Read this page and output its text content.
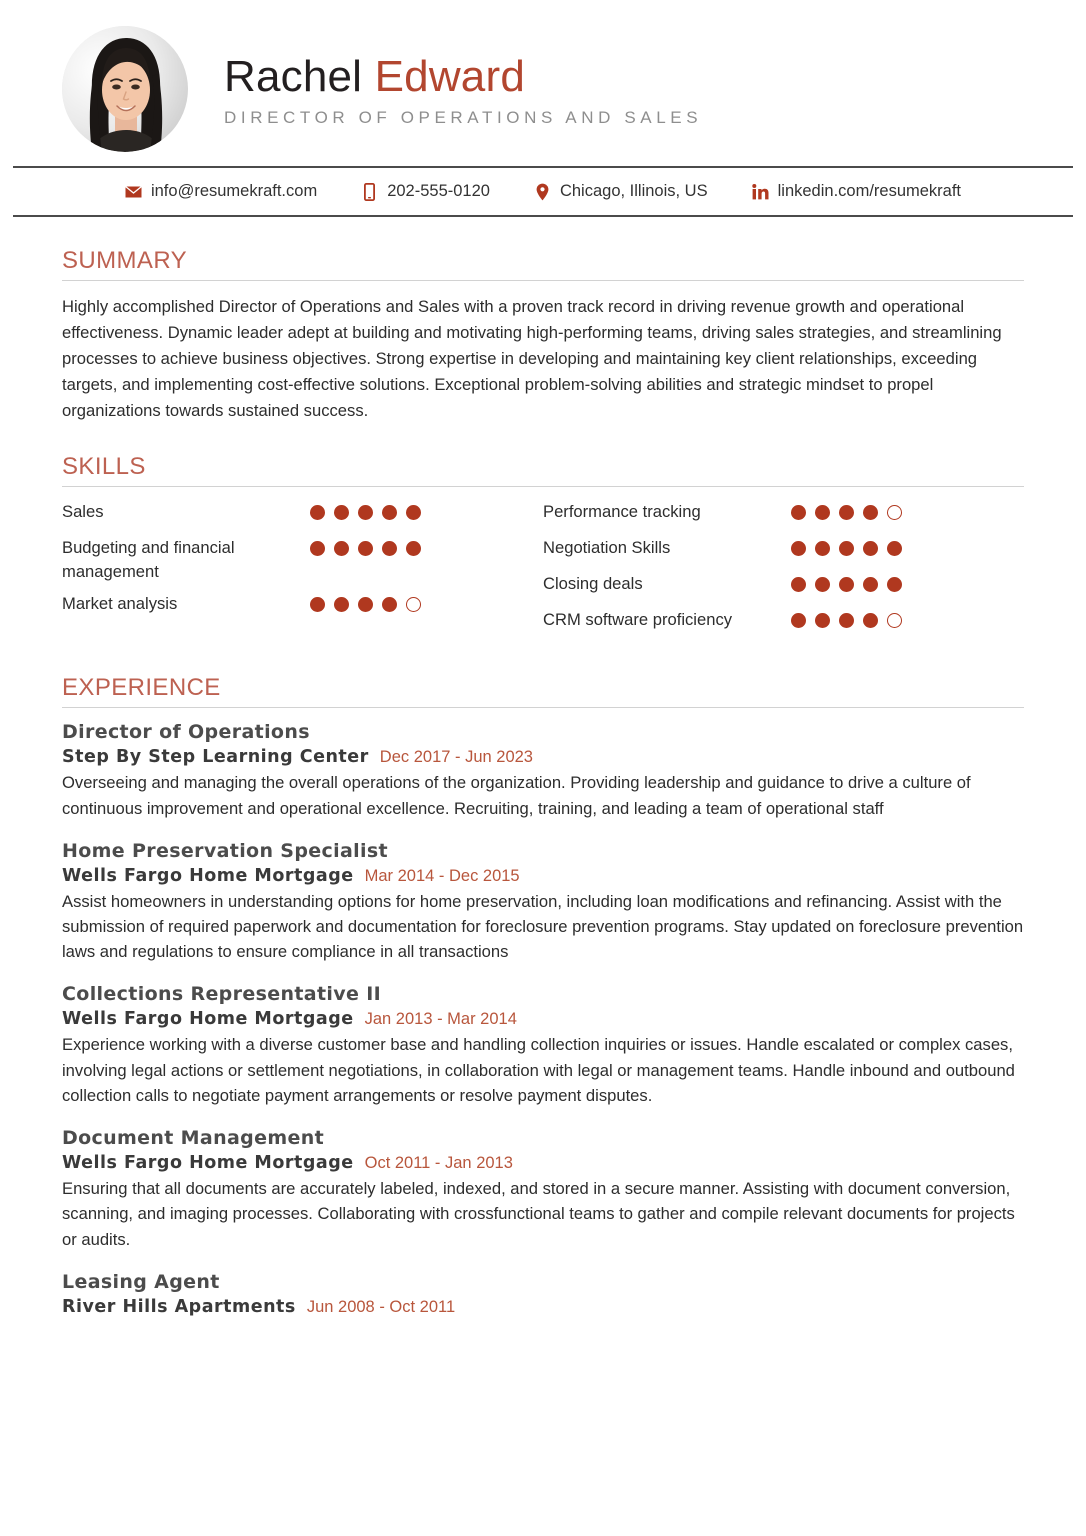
Rachel Edward
DIRECTOR OF OPERATIONS AND SALES
info@resumekraft.com	202-555-0120	Chicago, Illinois, US	linkedin.com/resumekraft
SUMMARY

Highly accomplished Director of Operations and Sales with a proven track record in driving revenue growth and operational effectiveness. Dynamic leader adept at building and motivating high-performing teams, driving sales strategies, and streamlining processes to achieve business objectives. Strong expertise in developing and maintaining key client relationships, exceeding targets, and implementing cost-effective solutions. Exceptional problem-solving abilities and strategic mindset to propel organizations towards sustained success.

SKILLS
Sales
Budgeting and financial management
Market analysis
Performance tracking
Negotiation Skills
Closing deals
CRM software proficiency
EXPERIENCE
Director of Operations
Step By Step Learning Center Dec 2017 - Jun 2023

Overseeing and managing the overall operations of the organization. Providing leadership and guidance to drive a culture of continuous improvement and operational excellence. Recruiting, training, and leading a team of operational staff

Home Preservation Specialist
Wells Fargo Home Mortgage Mar 2014 - Dec 2015

Assist homeowners in understanding options for home preservation, including loan modifications and refinancing. Assist with the submission of required paperwork and documentation for foreclosure prevention programs. Stay updated on foreclosure prevention laws and regulations to ensure compliance in all transactions

Collections Representative II
Wells Fargo Home Mortgage Jan 2013 - Mar 2014

Experience working with a diverse customer base and handling collection inquiries or issues. Handle escalated or complex cases, involving legal actions or settlement negotiations, in collaboration with legal or management teams. Handle inbound and outbound collection calls to negotiate payment arrangements or resolve payment disputes.

Document Management
Wells Fargo Home Mortgage Oct 2011 - Jan 2013

Ensuring that all documents are accurately labeled, indexed, and stored in a secure manner. Assisting with document conversion, scanning, and imaging processes. Collaborating with crossfunctional teams to gather and compile relevant documents for projects or audits.

Leasing Agent
River Hills Apartments Jun 2008 - Oct 2011
